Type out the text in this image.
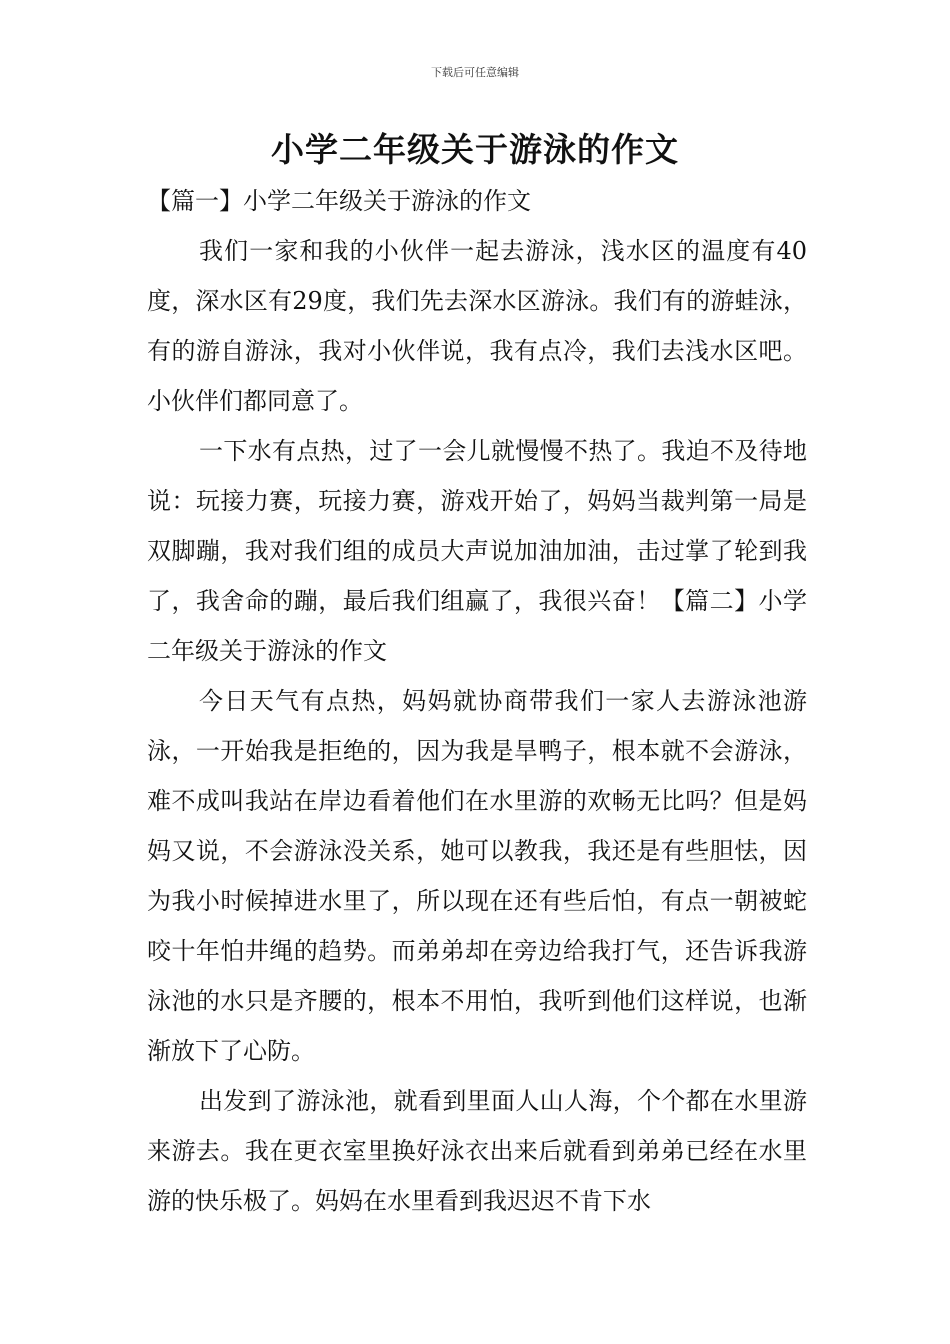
下载后可任意编辑
小学二年级关于游泳的作文

【篇一】小学二年级关于游泳的作文

我们一家和我的小伙伴一起去游泳，浅水区的温度有40度，深水区有29度，我们先去深水区游泳。我们有的游蛙泳，有的游自游泳，我对小伙伴说，我有点冷，我们去浅水区吧。小伙伴们都同意了。

一下水有点热，过了一会儿就慢慢不热了。我迫不及待地说：玩接力赛，玩接力赛，游戏开始了，妈妈当裁判第一局是双脚蹦，我对我们组的成员大声说加油加油，击过掌了轮到我了，我舍命的蹦，最后我们组赢了，我很兴奋！【篇二】小学二年级关于游泳的作文

今日天气有点热，妈妈就协商带我们一家人去游泳池游泳，一开始我是拒绝的，因为我是旱鸭子，根本就不会游泳，难不成叫我站在岸边看着他们在水里游的欢畅无比吗？但是妈妈又说，不会游泳没关系，她可以教我，我还是有些胆怯，因为我小时候掉进水里了，所以现在还有些后怕，有点一朝被蛇咬十年怕井绳的趋势。而弟弟却在旁边给我打气，还告诉我游泳池的水只是齐腰的，根本不用怕，我听到他们这样说，也渐渐放下了心防。

出发到了游泳池，就看到里面人山人海，个个都在水里游来游去。我在更衣室里换好泳衣出来后就看到弟弟已经在水里游的快乐极了。妈妈在水里看到我迟迟不肯下水
